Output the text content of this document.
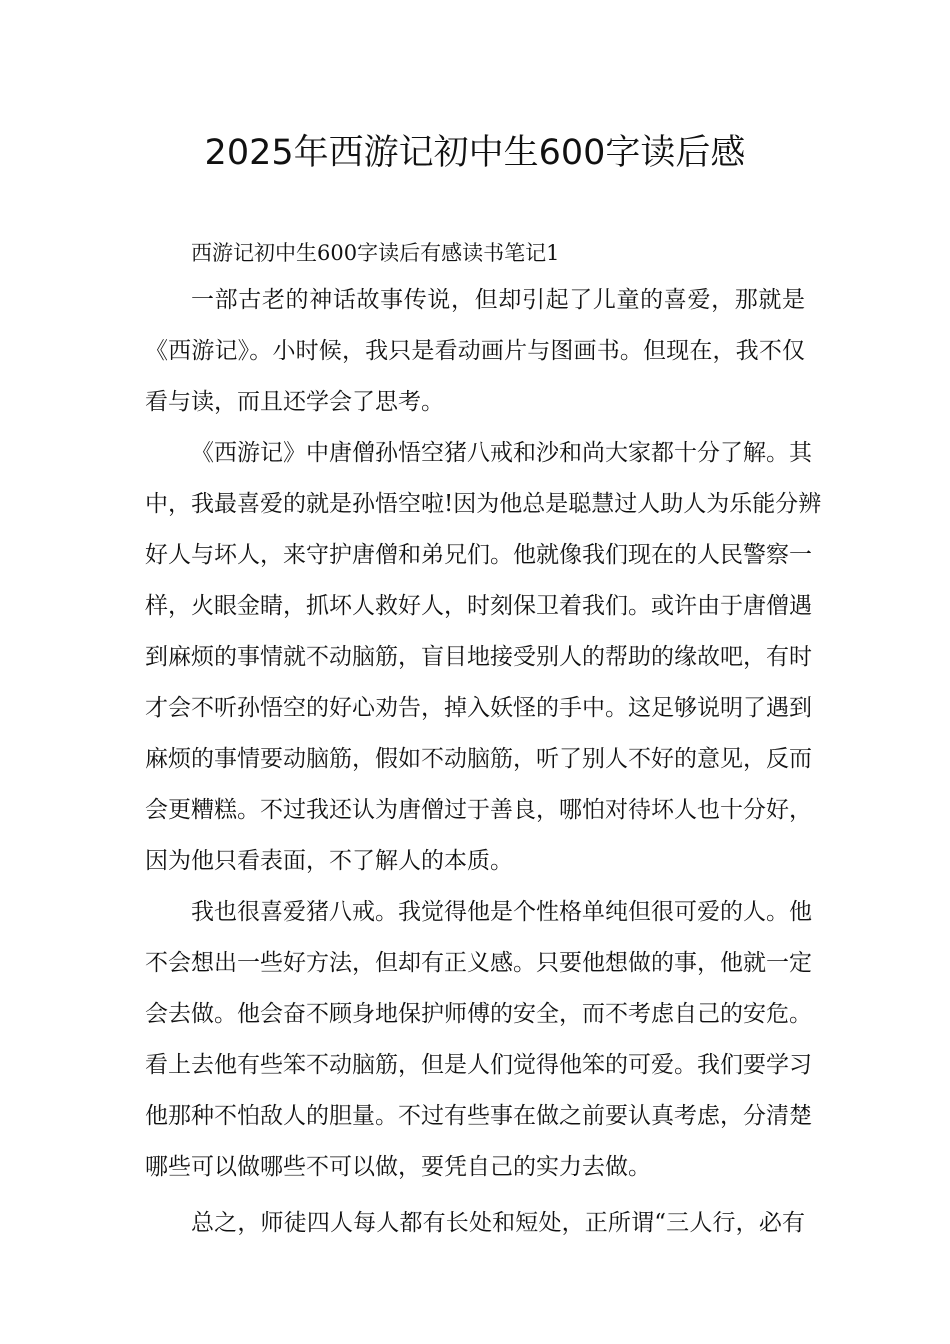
2025年西游记初中生600字读后感
西游记初中生600字读后有感读书笔记1
一部古老的神话故事传说，但却引起了儿童的喜爱，那就是
《西游记》。小时候，我只是看动画片与图画书。但现在，我不仅
看与读，而且还学会了思考。
《西游记》中唐僧孙悟空猪八戒和沙和尚大家都十分了解。其
中，我最喜爱的就是孙悟空啦!因为他总是聪慧过人助人为乐能分辨
好人与坏人，来守护唐僧和弟兄们。他就像我们现在的人民警察一
样，火眼金睛，抓坏人救好人，时刻保卫着我们。或许由于唐僧遇
到麻烦的事情就不动脑筋，盲目地接受别人的帮助的缘故吧，有时
才会不听孙悟空的好心劝告，掉入妖怪的手中。这足够说明了遇到
麻烦的事情要动脑筋，假如不动脑筋，听了别人不好的意见，反而
会更糟糕。不过我还认为唐僧过于善良，哪怕对待坏人也十分好，
因为他只看表面，不了解人的本质。
我也很喜爱猪八戒。我觉得他是个性格单纯但很可爱的人。他
不会想出一些好方法，但却有正义感。只要他想做的事，他就一定
会去做。他会奋不顾身地保护师傅的安全，而不考虑自己的安危。
看上去他有些笨不动脑筋，但是人们觉得他笨的可爱。我们要学习
他那种不怕敌人的胆量。不过有些事在做之前要认真考虑，分清楚
哪些可以做哪些不可以做，要凭自己的实力去做。
总之，师徒四人每人都有长处和短处，正所谓“三人行，必有
